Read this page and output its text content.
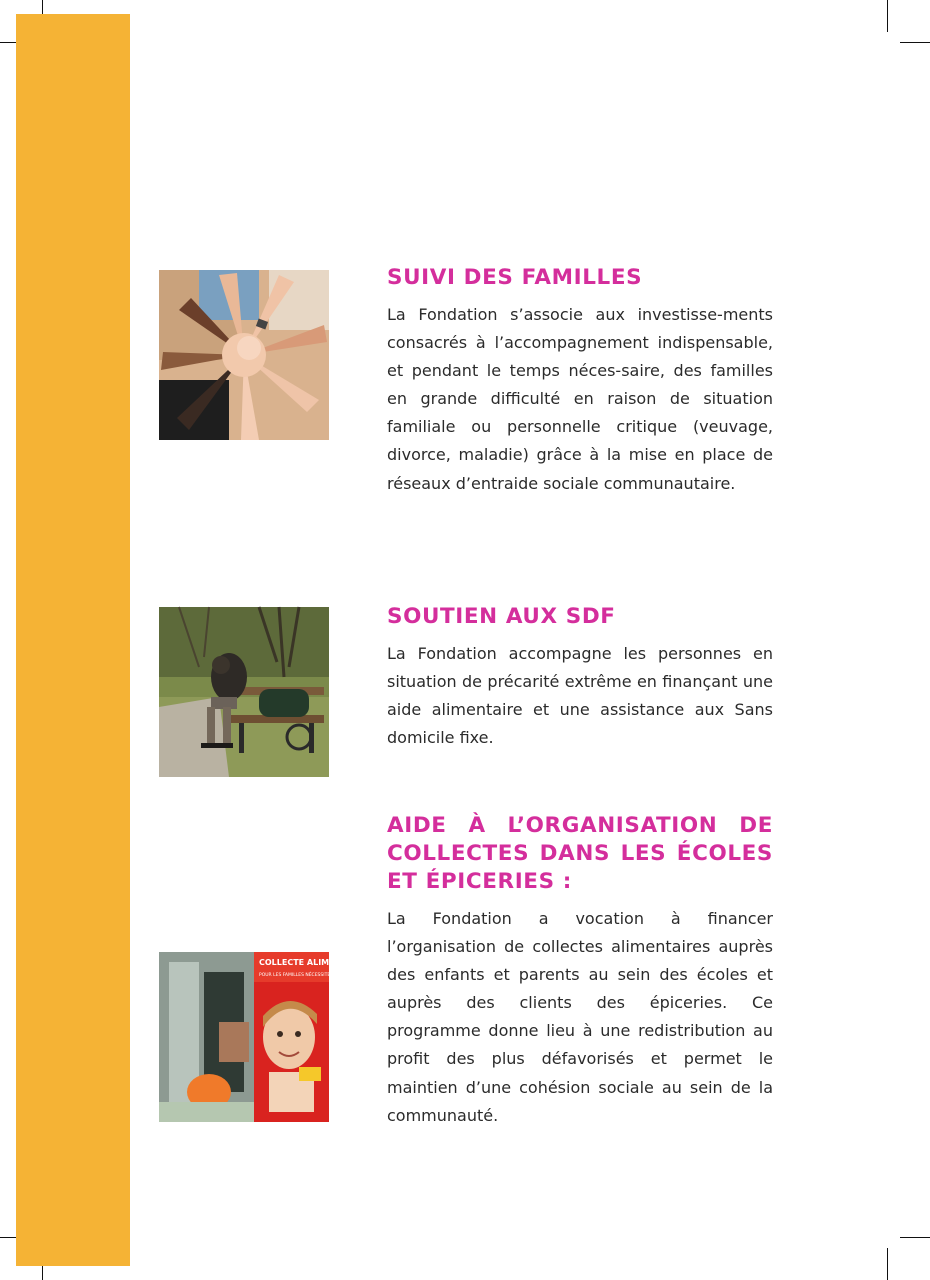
COLLECTE ALIMEN
POUR LES FAMILLES NÉCESSITEUS
SUIVI DES FAMILLES

La Fondation s’associe aux investisse-ments consacrés à l’accompagnement indispensable, et pendant le temps néces-saire, des familles en grande difficulté en raison de situation familiale ou personnelle critique (veuvage, divorce, maladie) grâce à la mise en place de réseaux d’entraide sociale communautaire.

SOUTIEN AUX SDF

La Fondation accompagne les personnes en situation de précarité extrême en finançant une aide alimentaire et une assistance aux Sans domicile fixe.

AIDE À L’ORGANISATION DE COLLECTES DANS LES ÉCOLES ET ÉPICERIES :

La Fondation a vocation à financer l’organisation de collectes alimentaires auprès des enfants et parents au sein des écoles et auprès des clients des épiceries. Ce programme donne lieu à une redistribution au profit des plus défavorisés et permet le maintien d’une cohésion sociale au sein de la communauté.
